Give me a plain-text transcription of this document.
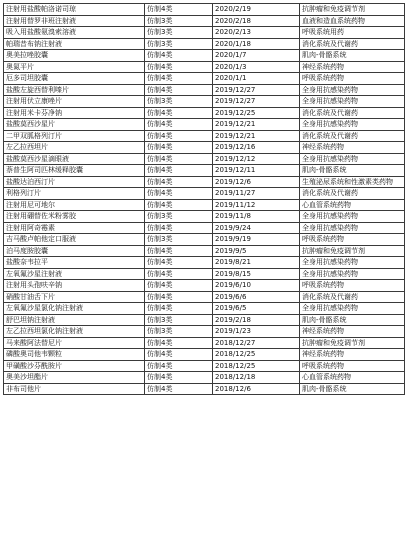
注射用盐酸帕洛诺司琼	仿制4类	2020/2/19	抗肿瘤和免疫调节剂
注射用替罗非班注射液	仿制3类	2020/2/18	血液和造血系统药物
吸入用盐酸氨溴索溶液	仿制3类	2020/2/13	呼吸系统用药
帕瑞昔布钠注射液	仿制3类	2020/1/18	消化系统及代谢药
奥美拉唑胶囊	仿制4类	2020/1/7	肌肉-骨骼系统
奥氮平片	仿制4类	2020/1/3	神经系统药物
厄多司坦胶囊	仿制4类	2020/1/1	呼吸系统药物
盐酸左旋西替利嗪片	仿制4类	2019/12/27	全身用抗感染药物
注射用伏立康唑片	仿制3类	2019/12/27	全身用抗感染药物
注射用米卡芬净钠	仿制4类	2019/12/25	消化系统及代谢药
盐酸莫西沙星片	仿制4类	2019/12/21	全身用抗感染药物
二甲双胍格列汀片	仿制4类	2019/12/21	消化系统及代谢药
左乙拉西坦片	仿制4类	2019/12/16	神经系统药物
盐酸莫西沙星滴眼液	仿制4类	2019/12/12	全身用抗感染药物
萘普生阿司匹林缓释胶囊	仿制4类	2019/12/11	肌肉-骨骼系统
盐酸达泊西汀片	仿制4类	2019/12/6	生殖泌尿系统和性激素类药物
利格列汀片	仿制4类	2019/11/27	消化系统及代谢药
注射用尼可地尔	仿制4类	2019/11/12	心血管系统药物
注射用硼替佐米粉雾胶	仿制3类	2019/11/8	全身用抗感染药物
注射用阿奇霉素	仿制4类	2019/9/24	全身用抗感染药物
吉马酸卢帕他定口服液	仿制3类	2019/9/19	呼吸系统药物
泊马度胺胶囊	仿制4类	2019/9/5	抗肿瘤和免疫调节剂
盐酸奈韦拉平	仿制4类	2019/8/21	全身用抗感染药物
左氧氟沙星注射液	仿制4类	2019/8/15	全身用抗感染药物
注射用头孢呋辛钠	仿制4类	2019/6/10	呼吸系统药物
硝酸甘油舌下片	仿制4类	2019/6/6	消化系统及代谢药
左氧氟沙星氯化钠注射液	仿制4类	2019/6/5	全身用抗感染药物
舒巴坦钠注射液	仿制3类	2019/2/18	肌肉-骨骼系统
左乙拉西坦氯化钠注射液	仿制3类	2019/1/23	神经系统药物
马来酸阿法替尼片	仿制4类	2018/12/27	抗肿瘤和免疫调节剂
磷酸奥司他韦颗粒	仿制4类	2018/12/25	神经系统药物
甲磺酸沙芬酰胺片	仿制4类	2018/12/25	呼吸系统药物
奥美沙坦酯片	仿制4类	2018/12/18	心血管系统药物
非布司他片	仿制4类	2018/12/6	肌肉-骨骼系统
